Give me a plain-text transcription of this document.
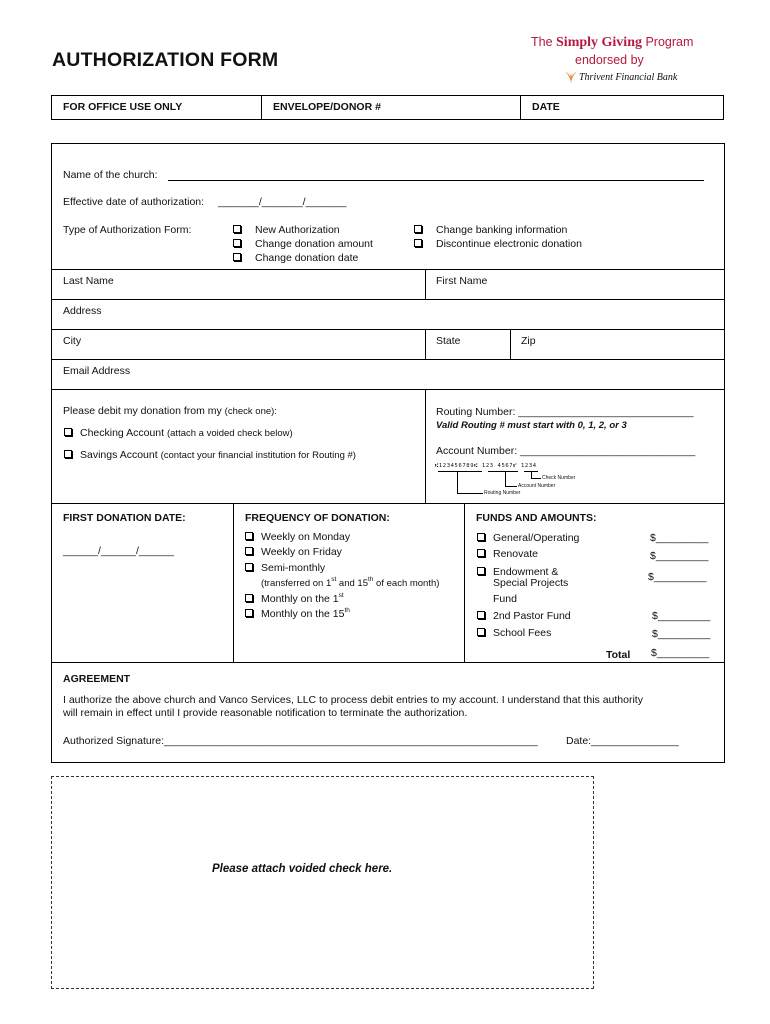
AUTHORIZATION FORM
The Simply Giving Program
endorsed by
Thrivent Financial Bank
FOR OFFICE USE ONLY	ENVELOPE/DONOR #	DATE
Name of the church:
Effective date of authorization: _______/_______/_______
Type of Authorization Form:	New Authorization
Change donation amount
Change donation date
Change banking information
Discontinue electronic donation
Last Name	First Name
Address
City	State	Zip
Email Address
Please debit my donation from my (check one):
Checking Account (attach a voided check below)
Savings Account (contact your financial institution for Routing #)
Routing Number: ______________________________
Valid Routing # must start with 0, 1, 2, or 3
Account Number: ______________________________
⑆123456789⑆ 123 4567⑈ 1234
Check Number
Account Number
Routing Number
FIRST DONATION DATE:
______/______/______
FREQUENCY OF DONATION:
Weekly on Monday
Weekly on Friday
Semi-monthly
(transferred on 1st and 15th of each month)
Monthly on the 1st
Monthly on the 15th
FUNDS AND AMOUNTS:
General/Operating	$_________
Renovate	$_________
Endowment &
Special Projects
Fund
$_________
2nd Pastor Fund	$_________
School Fees	$_________
Total $_________
AGREEMENT
I authorize the above church and Vanco Services, LLC to process debit entries to my account. I understand that this authority
will remain in effect until I provide reasonable notification to terminate the authorization.
Authorized Signature:________________________________________________________________	Date:_______________
Please attach voided check here.
